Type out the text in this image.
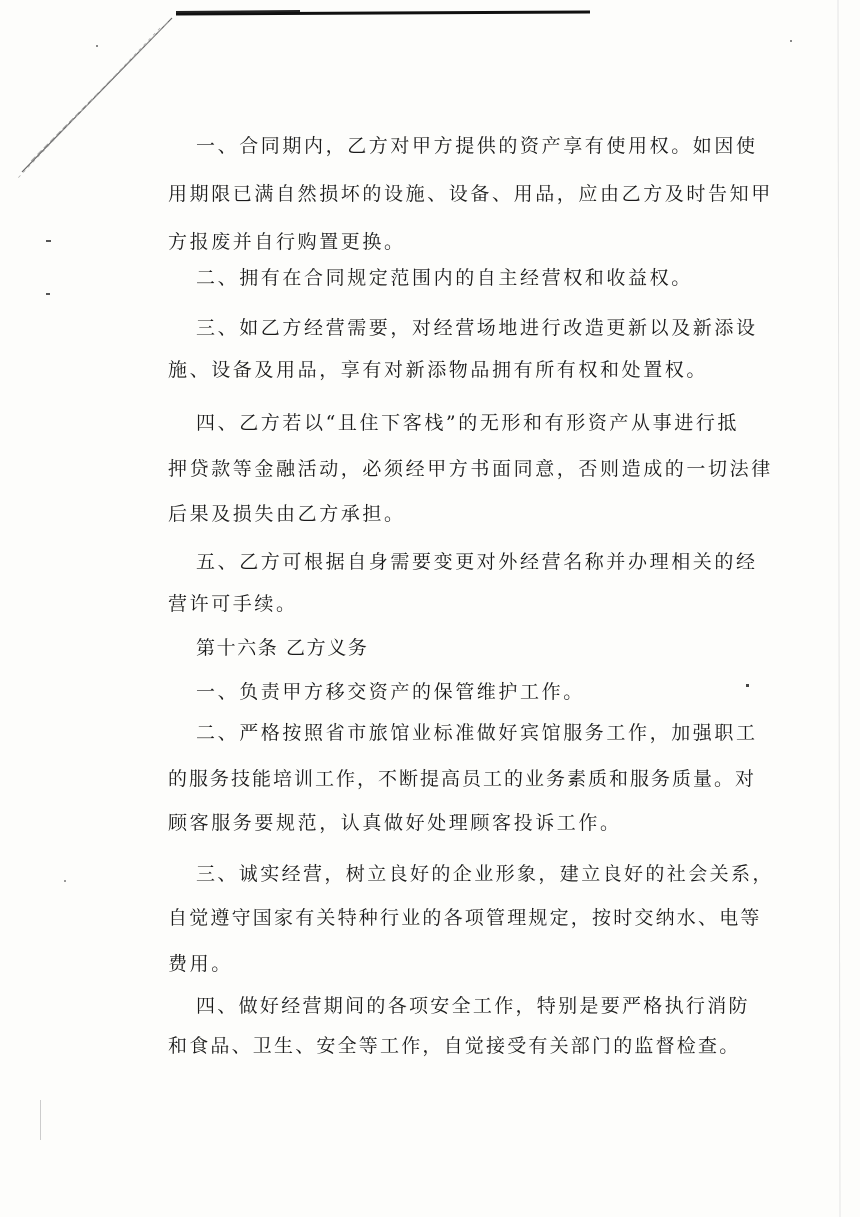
一、合同期内，乙方对甲方提供的资产享有使用权。如因使
用期限已满自然损坏的设施、设备、用品，应由乙方及时告知甲
方报废并自行购置更换。
二、拥有在合同规定范围内的自主经营权和收益权。
三、如乙方经营需要，对经营场地进行改造更新以及新添设
施、设备及用品，享有对新添物品拥有所有权和处置权。
四、乙方若以“且住下客栈”的无形和有形资产从事进行抵
押贷款等金融活动，必须经甲方书面同意，否则造成的一切法律
后果及损失由乙方承担。
五、乙方可根据自身需要变更对外经营名称并办理相关的经
营许可手续。
第十六条 乙方义务
一、负责甲方移交资产的保管维护工作。
二、严格按照省市旅馆业标准做好宾馆服务工作，加强职工
的服务技能培训工作，不断提高员工的业务素质和服务质量。对
顾客服务要规范，认真做好处理顾客投诉工作。
三、诚实经营，树立良好的企业形象，建立良好的社会关系，
自觉遵守国家有关特种行业的各项管理规定，按时交纳水、电等
费用。
四、做好经营期间的各项安全工作，特别是要严格执行消防
和食品、卫生、安全等工作，自觉接受有关部门的监督检查。
